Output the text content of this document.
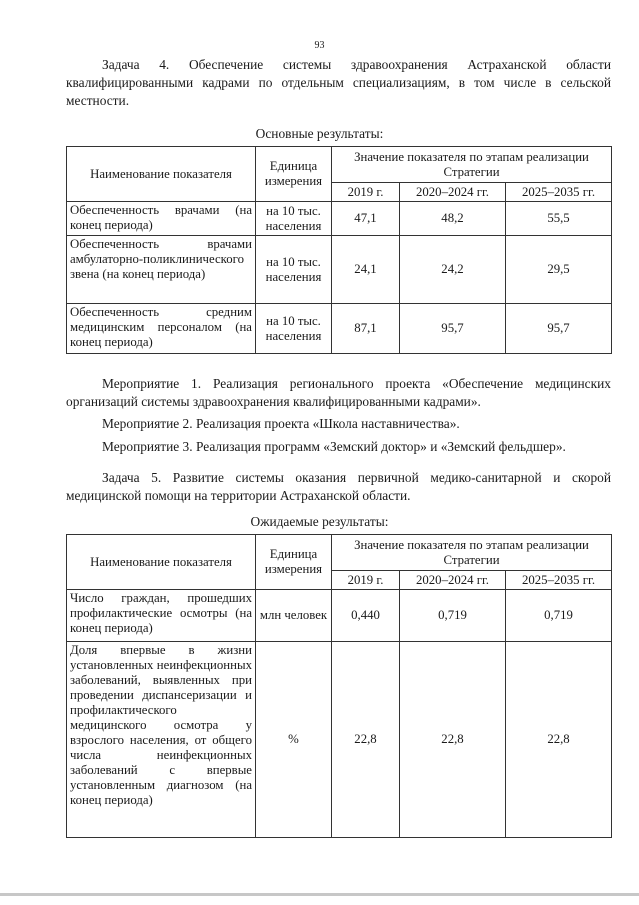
93

Задача 4. Обеспечение системы здравоохранения Астраханской области квалифицированными кадрами по отдельным специализациям, в том числе в сельской местности.

Основные результаты:
Наименование показателя	Единица измерения	Значение показателя по этапам реализации Стратегии		
		2019 г.	2020–2024 гг.	2025–2035 гг.
Обеспеченность врачами (на конец периода)	на 10 тыс. населения	47,1	48,2	55,5
Обеспеченность врачами амбулаторно-поликлинического звена (на конец периода)	на 10 тыс. населения	24,1	24,2	29,5
Обеспеченность средним медицинским персоналом (на конец периода)	на 10 тыс. населения	87,1	95,7	95,7

Мероприятие 1. Реализация регионального проекта «Обеспечение медицинских организаций системы здравоохранения квалифицированными кадрами».

Мероприятие 2. Реализация проекта «Школа наставничества».

Мероприятие 3. Реализация программ «Земский доктор» и «Земский фельдшер».

Задача 5. Развитие системы оказания первичной медико-санитарной и скорой медицинской помощи на территории Астраханской области.

Ожидаемые результаты:
Наименование показателя	Единица измерения	Значение показателя по этапам реализации Стратегии		
		2019 г.	2020–2024 гг.	2025–2035 гг.
Число граждан, прошедших профилактические осмотры (на конец периода)	млн человек	0,440	0,719	0,719
Доля впервые в жизни установленных неинфекционных заболеваний, выявленных при проведении диспансеризации и профилактического медицинского осмотра у взрослого населения, от общего числа неинфекционных заболеваний с впервые установленным диагнозом (на конец периода)	%	22,8	22,8	22,8
